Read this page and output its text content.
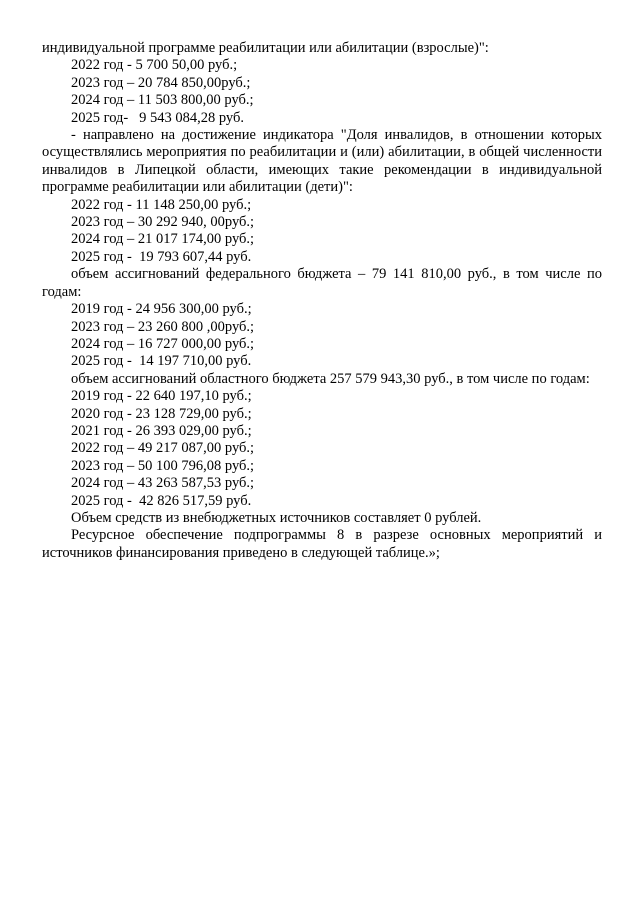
индивидуальной программе реабилитации или абилитации (взрослые)":

2022 год - 5 700 50,00 руб.;

2023 год – 20 784 850,00руб.;

2024 год – 11 503 800,00 руб.;

2025 год-   9 543 084,28 руб.

- направлено на достижение индикатора "Доля инвалидов, в отношении которых осуществлялись мероприятия по реабилитации и (или) абилитации, в общей численности инвалидов в Липецкой области, имеющих такие рекомендации в индивидуальной программе реабилитации или абилитации (дети)":

2022 год - 11 148 250,00 руб.;

2023 год – 30 292 940, 00руб.;

2024 год – 21 017 174,00 руб.;

2025 год -  19 793 607,44 руб.

объем ассигнований федерального бюджета – 79 141 810,00 руб., в том числе по годам:

2019 год - 24 956 300,00 руб.;

2023 год – 23 260 800 ,00руб.;

2024 год – 16 727 000,00 руб.;

2025 год -  14 197 710,00 руб.

объем ассигнований областного бюджета 257 579 943,30 руб., в том числе по годам:

2019 год - 22 640 197,10 руб.;

2020 год - 23 128 729,00 руб.;

2021 год - 26 393 029,00 руб.;

2022 год – 49 217 087,00 руб.;

2023 год – 50 100 796,08 руб.;

2024 год – 43 263 587,53 руб.;

2025 год -  42 826 517,59 руб.

Объем средств из внебюджетных источников составляет 0 рублей.

Ресурсное обеспечение подпрограммы 8 в разрезе основных мероприятий и источников финансирования приведено в следующей таблице.»;
